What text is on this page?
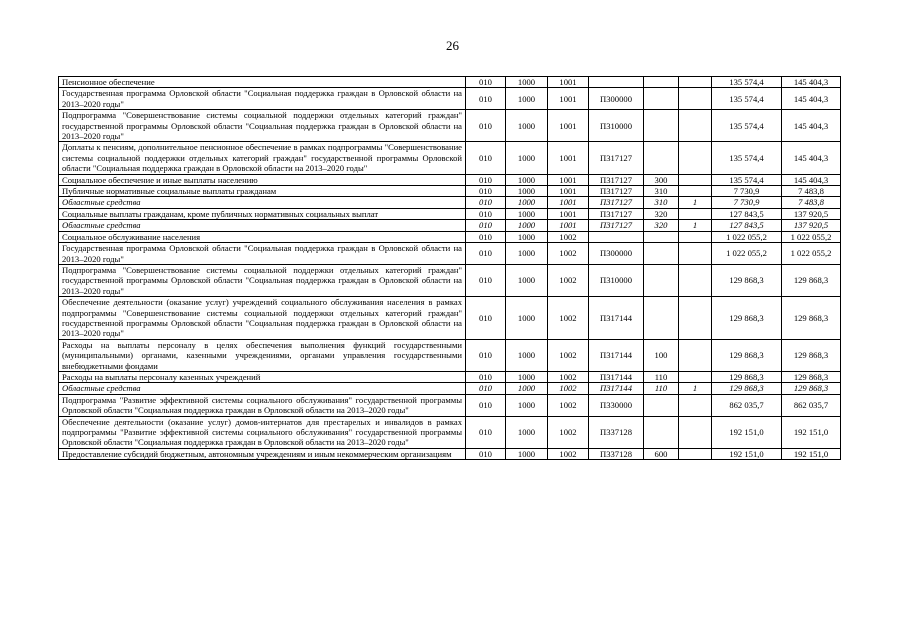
26
Пенсионное обеспечение	010	1000	1001				135 574,4	145 404,3
Государственная программа Орловской области "Социальная поддержка граждан в Орловской области на 2013–2020 годы"	010	1000	1001	П300000			135 574,4	145 404,3
Подпрограмма "Совершенствование системы социальной поддержки отдельных категорий граждан" государственной программы Орловской области "Социальная поддержка граждан в Орловской области на 2013–2020 годы"	010	1000	1001	П310000			135 574,4	145 404,3
Доплаты к пенсиям, дополнительное пенсионное обеспечение в рамках подпрограммы "Совершенствование системы социальной поддержки отдельных категорий граждан" государственной программы Орловской области "Социальная поддержка граждан в Орловской области на 2013–2020 годы"	010	1000	1001	П317127			135 574,4	145 404,3
Социальное обеспечение и иные выплаты населению	010	1000	1001	П317127	300		135 574,4	145 404,3
Публичные нормативные социальные выплаты гражданам	010	1000	1001	П317127	310		7 730,9	7 483,8
Областные средства	010	1000	1001	П317127	310	1	7 730,9	7 483,8
Социальные выплаты гражданам, кроме публичных нормативных социальных выплат	010	1000	1001	П317127	320		127 843,5	137 920,5
Областные средства	010	1000	1001	П317127	320	1	127 843,5	137 920,5
Социальное обслуживание населения	010	1000	1002				1 022 055,2	1 022 055,2
Государственная программа Орловской области "Социальная поддержка граждан в Орловской области на 2013–2020 годы"	010	1000	1002	П300000			1 022 055,2	1 022 055,2
Подпрограмма "Совершенствование системы социальной поддержки отдельных категорий граждан" государственной программы Орловской области "Социальная поддержка граждан в Орловской области на 2013–2020 годы"	010	1000	1002	П310000			129 868,3	129 868,3
Обеспечение деятельности (оказание услуг) учреждений социального обслуживания населения в рамках подпрограммы "Совершенствование системы социальной поддержки отдельных категорий граждан" государственной программы Орловской области "Социальная поддержка граждан в Орловской области на 2013–2020 годы"	010	1000	1002	П317144			129 868,3	129 868,3
Расходы на выплаты персоналу в целях обеспечения выполнения функций государственными (муниципальными) органами, казенными учреждениями, органами управления государственными внебюджетными фондами	010	1000	1002	П317144	100		129 868,3	129 868,3
Расходы на выплаты персоналу казенных учреждений	010	1000	1002	П317144	110		129 868,3	129 868,3
Областные средства	010	1000	1002	П317144	110	1	129 868,3	129 868,3
Подпрограмма "Развитие эффективной системы социального обслуживания" государственной программы Орловской области "Социальная поддержка граждан в Орловской области на 2013–2020 годы"	010	1000	1002	П330000			862 035,7	862 035,7
Обеспечение деятельности (оказание услуг) домов-интернатов для престарелых и инвалидов в рамках подпрограммы "Развитие эффективной системы социального обслуживания" государственной программы Орловской области "Социальная поддержка граждан в Орловской области на 2013–2020 годы"	010	1000	1002	П337128			192 151,0	192 151,0
Предоставление субсидий бюджетным, автономным учреждениям и иным некоммерческим организациям	010	1000	1002	П337128	600		192 151,0	192 151,0
